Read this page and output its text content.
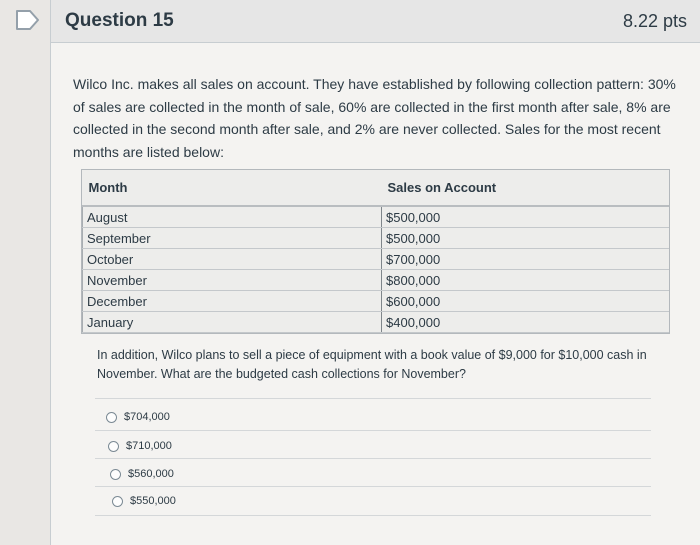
Question 15	8.22 pts
Wilco Inc. makes all sales on account. They have established by following collection pattern: 30% of sales are collected in the month of sale, 60% are collected in the first month after sale, 8% are collected in the second month after sale, and 2% are never collected. Sales for the most recent months are listed below:
Month	Sales on Account
August	$500,000
September	$500,000
October	$700,000
November	$800,000
December	$600,000
January	$400,000
In addition, Wilco plans to sell a piece of equipment with a book value of $9,000 for $10,000 cash in November. What are the budgeted cash collections for November?
$704,000
$710,000
$560,000
$550,000
